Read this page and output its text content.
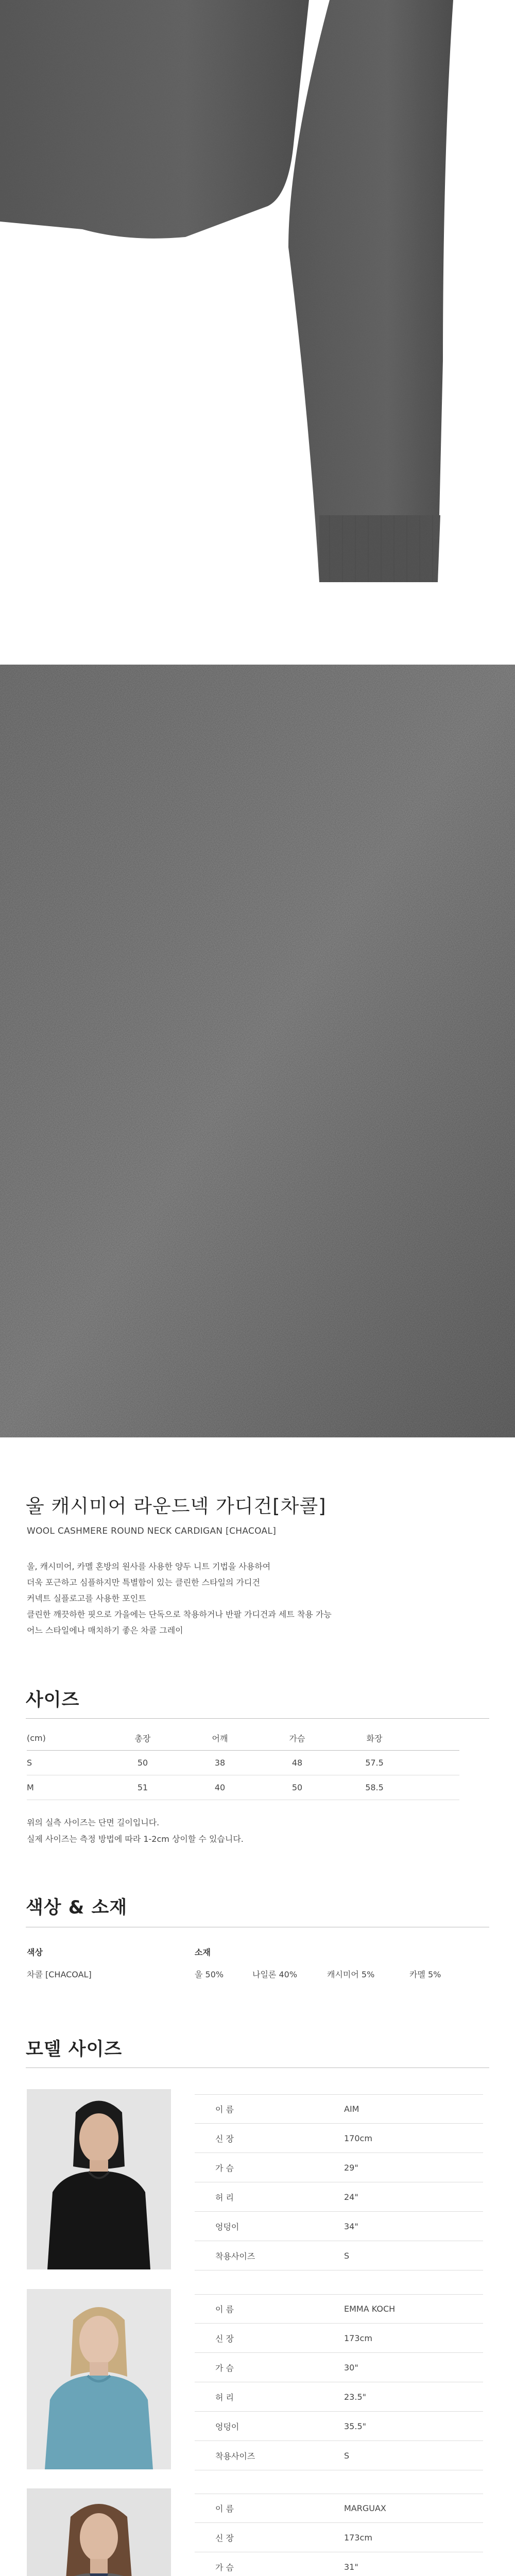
울 캐시미어 라운드넥 가디건[차콜]
WOOL CASHMERE ROUND NECK CARDIGAN [CHACOAL]

울, 캐시미어, 카멜 혼방의 원사를 사용한 양두 니트 기법을 사용하여

더욱 포근하고 심플하지만 특별함이 있는 클린한 스타일의 가디건

커넥트 실플로고를 사용한 포인트

클린한 깨끗하한 핏으로 가을에는 단독으로 착용하거나 반팔 가디건과 세트 착용 가능

어느 스타일에나 매치하기 좋은 차콜 그레이

사이즈
(cm)	총장	어깨	가슴	화장
S	50	38	48	57.5
M	51	40	50	58.5

위의 실측 사이즈는 단면 길이입니다.

실제 사이즈는 측정 방법에 따라 1-2cm 상이할 수 있습니다.

색상 & 소재
색상	소재
차콜 [CHACOAL]	울 50%	나일론 40%	캐시미어 5%	카멜 5%
모델 사이즈
이 름	AIM
신 장	170cm
가 슴	29"
허 리	24"
엉덩이	34"
착용사이즈	S
이 름	EMMA KOCH
신 장	173cm
가 슴	30"
허 리	23.5"
엉덩이	35.5"
착용사이즈	S
이 름	MARGUAX
신 장	173cm
가 슴	31"
